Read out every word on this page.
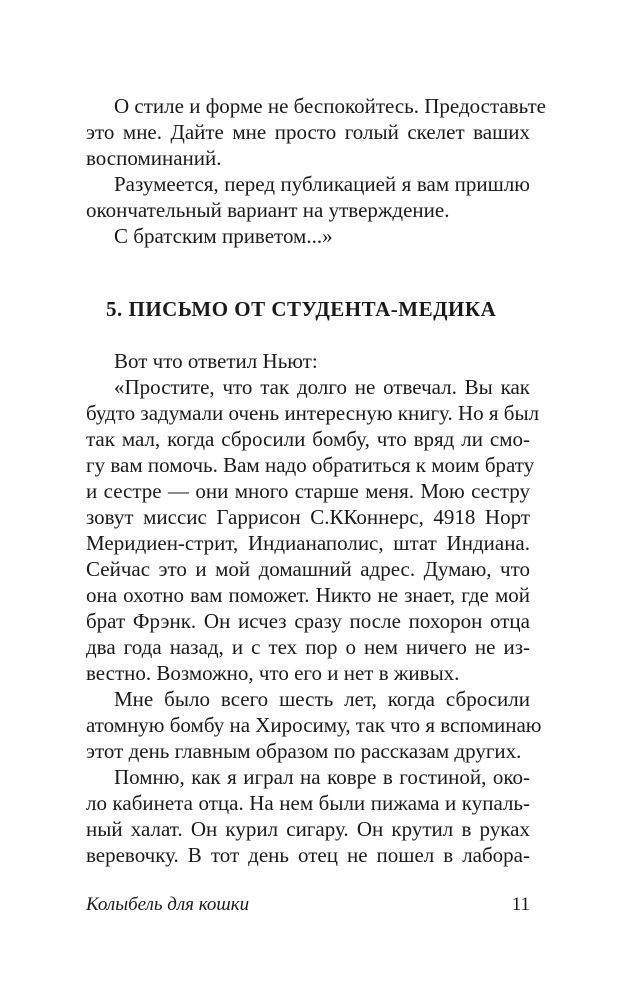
О стиле и форме не беспокойтесь. Предоставьте
это мне. Дайте мне просто голый скелет ваших
воспоминаний.
Разумеется, перед публикацией я вам пришлю
окончательный вариант на утверждение.
С братским приветом...»
5. ПИСЬМО ОТ СТУДЕНТА-МЕДИКА
Вот что ответил Ньют:
«Простите, что так долго не отвечал. Вы как
будто задумали очень интересную книгу. Но я был
так мал, когда сбросили бомбу, что вряд ли смо-
гу вам помочь. Вам надо обратиться к моим брату
и сестре — они много старше меня. Мою сестру
зовут миссис Гаррисон С.ККоннерс, 4918 Норт
Меридиен-стрит, Индианаполис, штат Индиана.
Сейчас это и мой домашний адрес. Думаю, что
она охотно вам поможет. Никто не знает, где мой
брат Фрэнк. Он исчез сразу после похорон отца
два года назад, и с тех пор о нем ничего не из-
вестно. Возможно, что его и нет в живых.
Мне было всего шесть лет, когда сбросили
атомную бомбу на Хиросиму, так что я вспоминаю
этот день главным образом по рассказам других.
Помню, как я играл на ковре в гостиной, око-
ло кабинета отца. На нем были пижама и купаль-
ный халат. Он курил сигару. Он крутил в руках
веревочку. В тот день отец не пошел в лабора-
Колыбель для кошки	11
